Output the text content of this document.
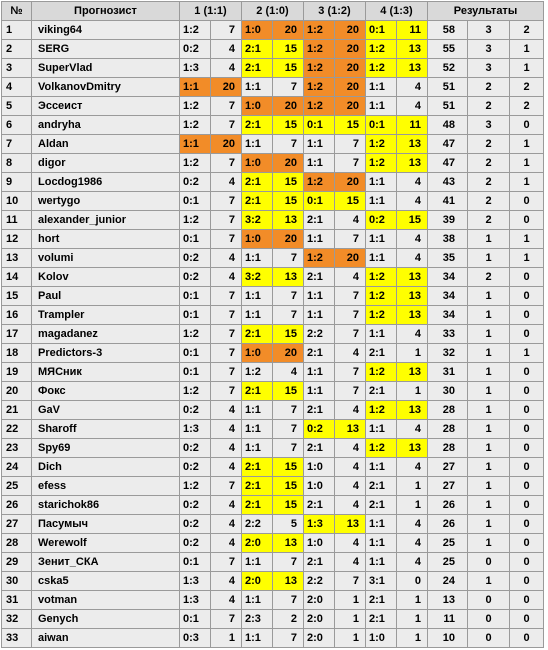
№	Прогнозист	1 (1:1)		2 (1:0)		3 (1:2)		4 (1:3)		Результаты		
1	viking64	1:2	7	1:0	20	1:2	20	0:1	11	58	3	2
2	SERG	0:2	4	2:1	15	1:2	20	1:2	13	55	3	1
3	SuperVlad	1:3	4	2:1	15	1:2	20	1:2	13	52	3	1
4	VolkanovDmitry	1:1	20	1:1	7	1:2	20	1:1	4	51	2	2
5	Эссеист	1:2	7	1:0	20	1:2	20	1:1	4	51	2	2
6	andryha	1:2	7	2:1	15	0:1	15	0:1	11	48	3	0
7	Aldan	1:1	20	1:1	7	1:1	7	1:2	13	47	2	1
8	digor	1:2	7	1:0	20	1:1	7	1:2	13	47	2	1
9	Locdog1986	0:2	4	2:1	15	1:2	20	1:1	4	43	2	1
10	wertygo	0:1	7	2:1	15	0:1	15	1:1	4	41	2	0
11	alexander_junior	1:2	7	3:2	13	2:1	4	0:2	15	39	2	0
12	hort	0:1	7	1:0	20	1:1	7	1:1	4	38	1	1
13	volumi	0:2	4	1:1	7	1:2	20	1:1	4	35	1	1
14	Kolov	0:2	4	3:2	13	2:1	4	1:2	13	34	2	0
15	Paul	0:1	7	1:1	7	1:1	7	1:2	13	34	1	0
16	Trampler	0:1	7	1:1	7	1:1	7	1:2	13	34	1	0
17	magadanez	1:2	7	2:1	15	2:2	7	1:1	4	33	1	0
18	Predictors-3	0:1	7	1:0	20	2:1	4	2:1	1	32	1	1
19	МЯСник	0:1	7	1:2	4	1:1	7	1:2	13	31	1	0
20	Фокс	1:2	7	2:1	15	1:1	7	2:1	1	30	1	0
21	GaV	0:2	4	1:1	7	2:1	4	1:2	13	28	1	0
22	Sharoff	1:3	4	1:1	7	0:2	13	1:1	4	28	1	0
23	Spy69	0:2	4	1:1	7	2:1	4	1:2	13	28	1	0
24	Dich	0:2	4	2:1	15	1:0	4	1:1	4	27	1	0
25	efess	1:2	7	2:1	15	1:0	4	2:1	1	27	1	0
26	starichok86	0:2	4	2:1	15	2:1	4	2:1	1	26	1	0
27	Пасумыч	0:2	4	2:2	5	1:3	13	1:1	4	26	1	0
28	Werewolf	0:2	4	2:0	13	1:0	4	1:1	4	25	1	0
29	Зенит_СКА	0:1	7	1:1	7	2:1	4	1:1	4	25	0	0
30	cska5	1:3	4	2:0	13	2:2	7	3:1	0	24	1	0
31	votman	1:3	4	1:1	7	2:0	1	2:1	1	13	0	0
32	Genych	0:1	7	2:3	2	2:0	1	2:1	1	11	0	0
33	aiwan	0:3	1	1:1	7	2:0	1	1:0	1	10	0	0
